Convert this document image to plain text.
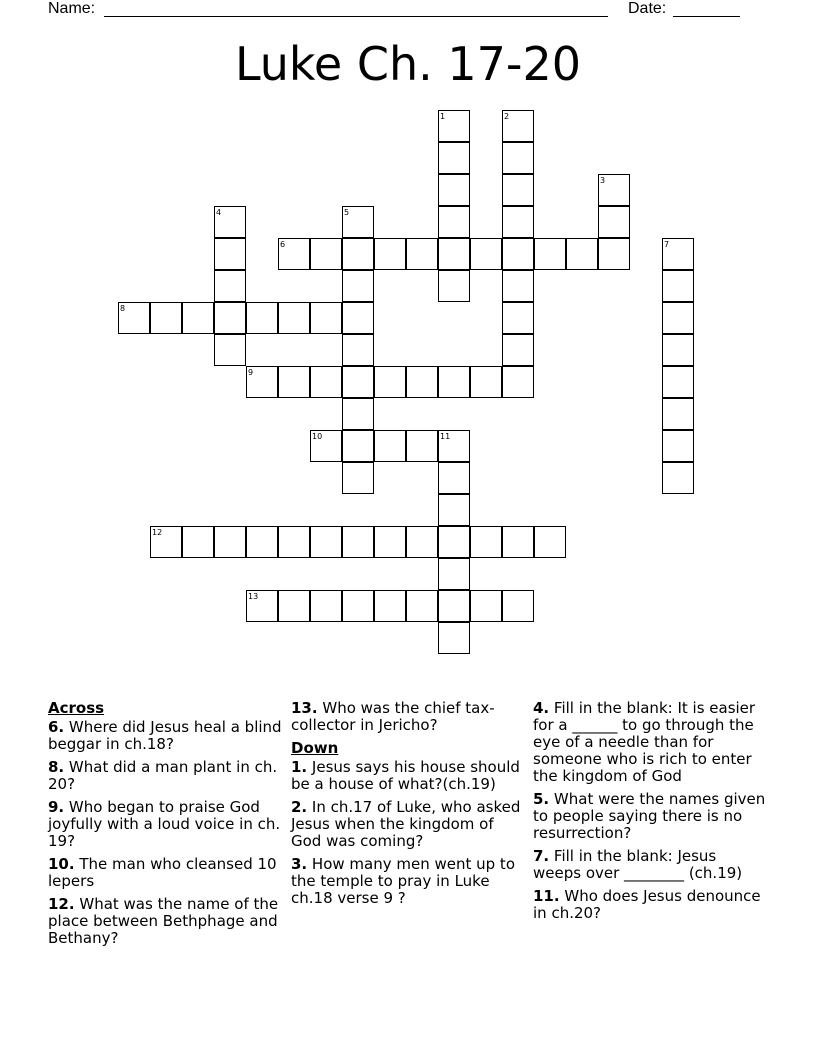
Name:	Date:
Luke Ch. 17-20
1	2
3
4	5
6	7
8
9
10	11
12
13
Across
6. Where did Jesus heal a blind beggar in ch.18?
8. What did a man plant in ch. 20?
9. Who began to praise God joyfully with a loud voice in ch. 19?
10. The man who cleansed 10 lepers
12. What was the name of the place between Bethphage and Bethany?
13. Who was the chief tax-collector in Jericho?
Down
1. Jesus says his house should be a house of what?(ch.19)
2. In ch.17 of Luke, who asked Jesus when the kingdom of God was coming?
3. How many men went up to the temple to pray in Luke ch.18 verse 9 ?
4. Fill in the blank: It is easier for a ______ to go through the eye of a needle than for someone who is rich to enter the kingdom of God
5. What were the names given to people saying there is no resurrection?
7. Fill in the blank: Jesus weeps over ________ (ch.19)
11. Who does Jesus denounce in ch.20?
